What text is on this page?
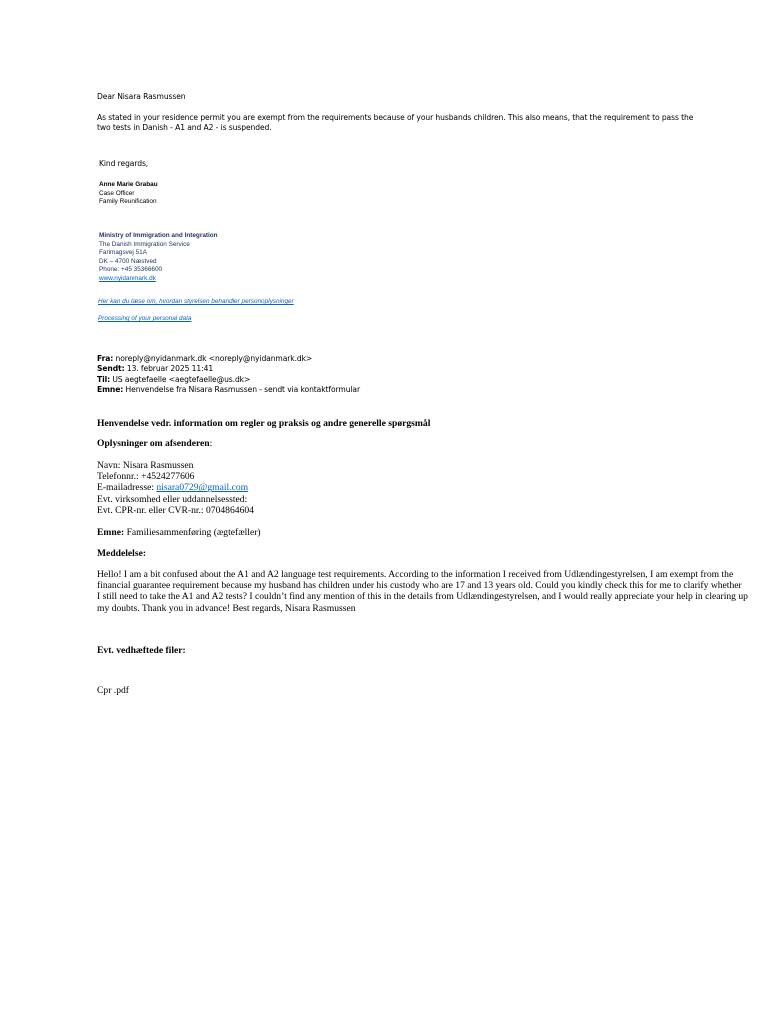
Dear Nisara Rasmussen

As stated in your residence permit you are exempt from the requirements because of your husbands children. This also means, that the requirement to pass the

two tests in Danish - A1 and A2 - is suspended.

Kind regards,

Anne Marie Grabau

Case Officer

Family Reunification

Ministry of Immigration and Integration

The Danish Immigration Service

Farimagsvej 51A

DK – 4700 Næstved

Phone: +45 35366600

www.nyidanmark.dk

Her kan du læse om, hvordan styrelsen behandler personoplysninger

Processing of your personal data

Fra: noreply@nyidanmark.dk <noreply@nyidanmark.dk>

Sendt: 13. februar 2025 11:41

Til: US aegtefaelle <aegtefaelle@us.dk>

Emne: Henvendelse fra Nisara Rasmussen - sendt via kontaktformular

Henvendelse vedr. information om regler og praksis og andre generelle spørgsmål

Oplysninger om afsenderen:

Navn: Nisara Rasmussen

Telefonnr.: +4524277606

E-mailadresse: nisara0729@gmail.com

Evt. virksomhed eller uddannelsessted:

Evt. CPR-nr. eller CVR-nr.: 0704864604

Emne: Familiesammenføring (ægtefæller)

Meddelelse:

Hello! I am a bit confused about the A1 and A2 language test requirements. According to the information I received from Udlændingestyrelsen, I am exempt from the

financial guarantee requirement because my husband has children under his custody who are 17 and 13 years old. Could you kindly check this for me to clarify whether

I still need to take the A1 and A2 tests? I couldn’t find any mention of this in the details from Udlændingestyrelsen, and I would really appreciate your help in clearing up

my doubts. Thank you in advance! Best regards, Nisara Rasmussen

Evt. vedhæftede filer:

Cpr .pdf
